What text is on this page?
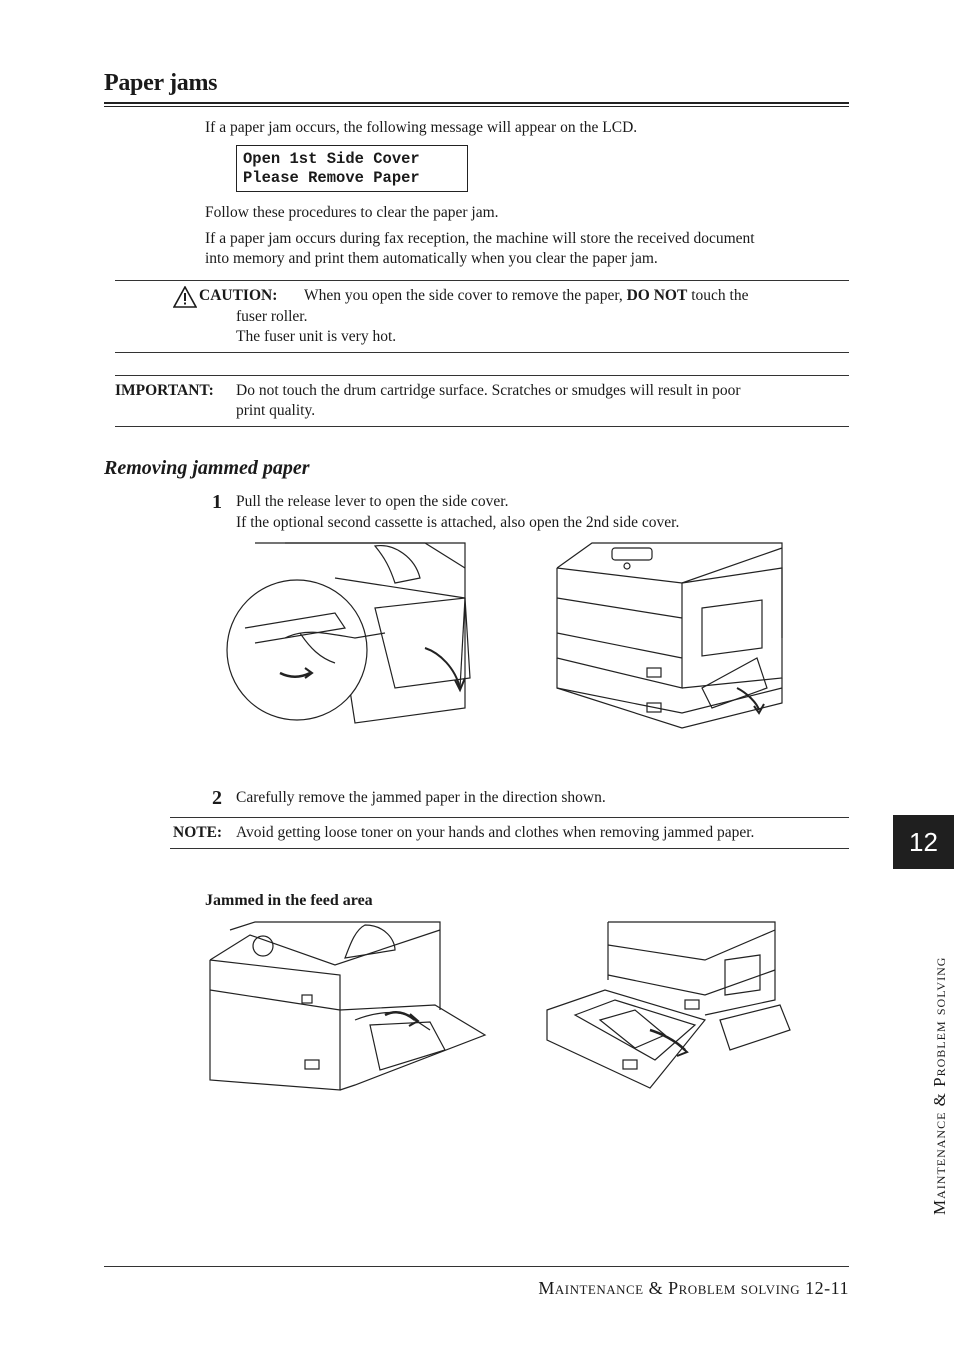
Paper jams
If a paper jam occurs, the following message will appear on the LCD.
Open 1st Side Cover
Please Remove Paper
Follow these procedures to clear the paper jam.
If a paper jam occurs during fax reception, the machine will store the received document
into memory and print them automatically when you clear the paper jam.
CAUTION: When you open the side cover to remove the paper, DO NOT touch the
fuser roller.
The fuser unit is very hot.
IMPORTANT: Do not touch the drum cartridge surface. Scratches or smudges will result in poor
print quality.
Removing jammed paper
1 Pull the release lever to open the side cover.
If the optional second cassette is attached, also open the 2nd side cover.
2 Carefully remove the jammed paper in the direction shown.
NOTE: Avoid getting loose toner on your hands and clothes when removing jammed paper.
Jammed in the feed area
12
Maintenance & Problem solving
Maintenance & Problem solving 12-11
